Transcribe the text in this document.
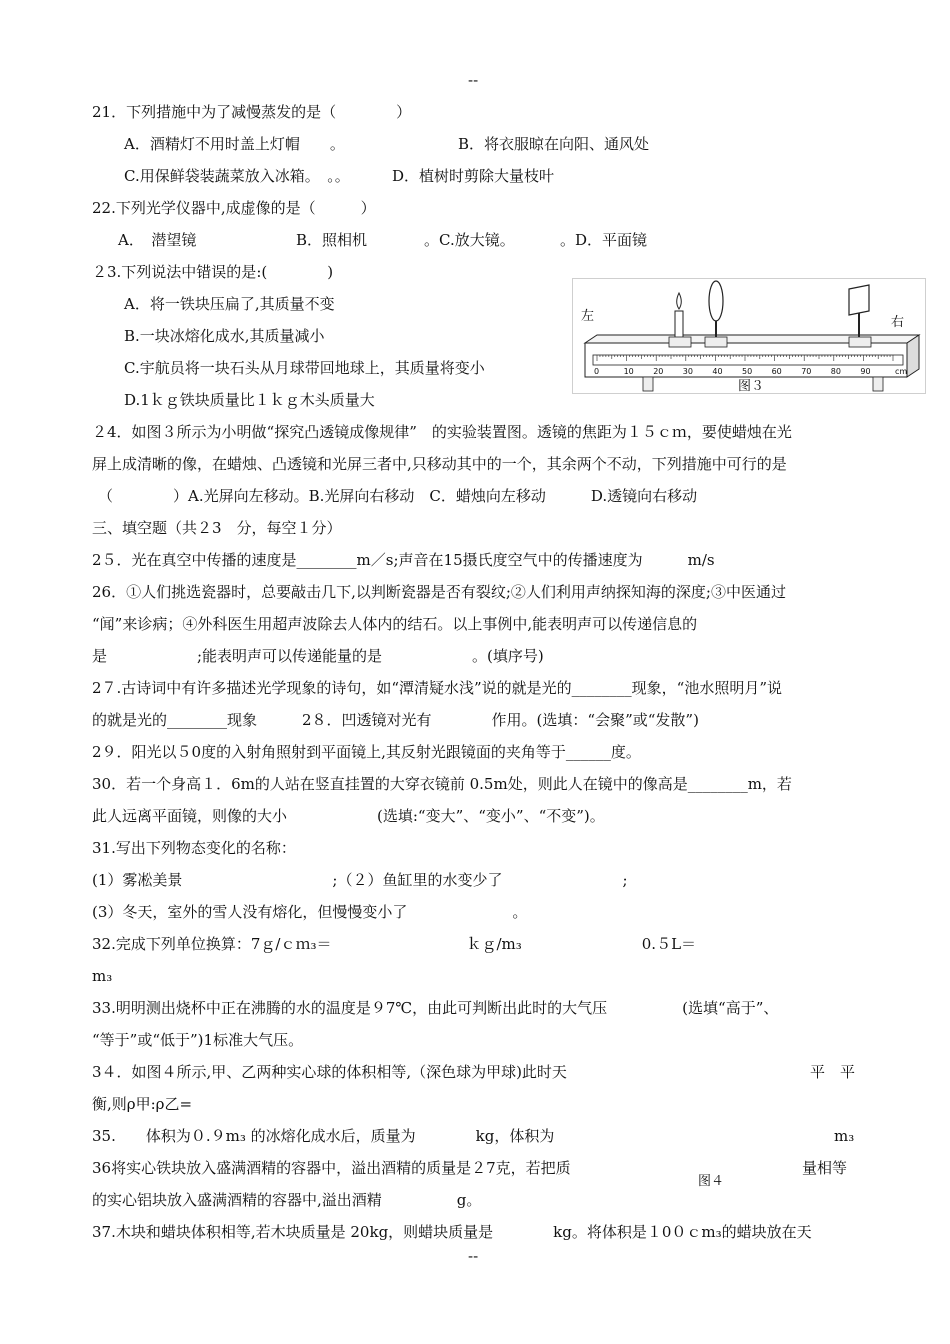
--
21．下列措施中为了减慢蒸发的是（　　　　）
A．酒精灯不用时盖上灯帽　　。	B．将衣服晾在向阳、通风处
C.用保鲜袋装蔬菜放入冰箱。　。。	D．植树时剪除大量枝叶
22.下列光学仪器中,成虚像的是（　　　）
A．　潜望镜	B．照相机	。C.放大镜。	。D．平面镜
２3.下列说法中错误的是:(　　　　)
A．将一铁块压扁了,其质量不变
B.一块冰熔化成水,其质量减小
C.宇航员将一块石头从月球带回地球上，其质量将变小
D.1ｋｇ铁块质量比１ｋｇ木头质量大
２4．如图３所示为小明做“探究凸透镜成像规律”　的实验装置图。透镜的焦距为１５ｃｍ，要使蜡烛在光
屏上成清晰的像，在蜡烛、凸透镜和光屏三者中,只移动其中的一个，其余两个不动，下列措施中可行的是
（　　　　）A.光屏向左移动。B.光屏向右移动　C．蜡烛向左移动　　　D.透镜向右移动
三、填空题（共２3　分，每空１分）
2５．光在真空中传播的速度是________m／s;声音在15摄氏度空气中的传播速度为　　　m/s
26．①人们挑选瓷器时，总要敲击几下,以判断瓷器是否有裂纹;②人们利用声纳探知海的深度;③中医通过
“闻”来诊病；④外科医生用超声波除去人体内的结石。以上事例中,能表明声可以传递信息的
是　　　　　　;能表明声可以传递能量的是　　　　　　。(填序号)
2７.古诗词中有许多描述光学现象的诗句，如“潭清疑水浅”说的就是光的________现象，“池水照明月”说
的就是光的________现象　　　2８．凹透镜对光有　　　　作用。(选填：“会聚”或“发散”)
2９．阳光以５0度的入射角照射到平面镜上,其反射光跟镜面的夹角等于______度。
30．若一个身高１．6m的人站在竖直挂置的大穿衣镜前 0.5m处，则此人在镜中的像高是________m，若
此人远离平面镜，则像的大小　　　　　　(选填:“变大”、“变小”、“不变”)。
31.写出下列物态变化的名称：
(1）雾凇美景　　　　　　　　　　;（２）鱼缸里的水变少了　　　　　　　　;
(3）冬天，室外的雪人没有熔化，但慢慢变小了　　　　　　　。
32.完成下列单位换算：7ｇ/ｃｍ₃＝　　　　　　　　　ｋｇ/m₃　　　　　　　　0.５L＝
m₃
33.明明测出烧杯中正在沸腾的水的温度是９7℃，由此可判断出此时的大气压　　　　　(选填“高于”、
“等于”或“低于”)1标准大气压。
3４．如图４所示,甲、乙两种实心球的体积相等,（深色球为甲球)此时天	平　平
衡,则ρ甲:ρ乙=
35.　　体积为０.９m₃ 的冰熔化成水后，质量为　　　　kg，体积为	m₃
36将实心铁块放入盛满酒精的容器中，溢出酒精的质量是２7克，若把质	量相等
的实心铝块放入盛满酒精的容器中,溢出酒精　　　　　g。
37.木块和蜡块体积相等,若木块质量是 20kg，则蜡块质量是　　　　kg。将体积是１0０ｃm₃的蜡块放在天
左	右
0	10 20 30 40 50 60 70 80 90	cm
图３
图４
--
